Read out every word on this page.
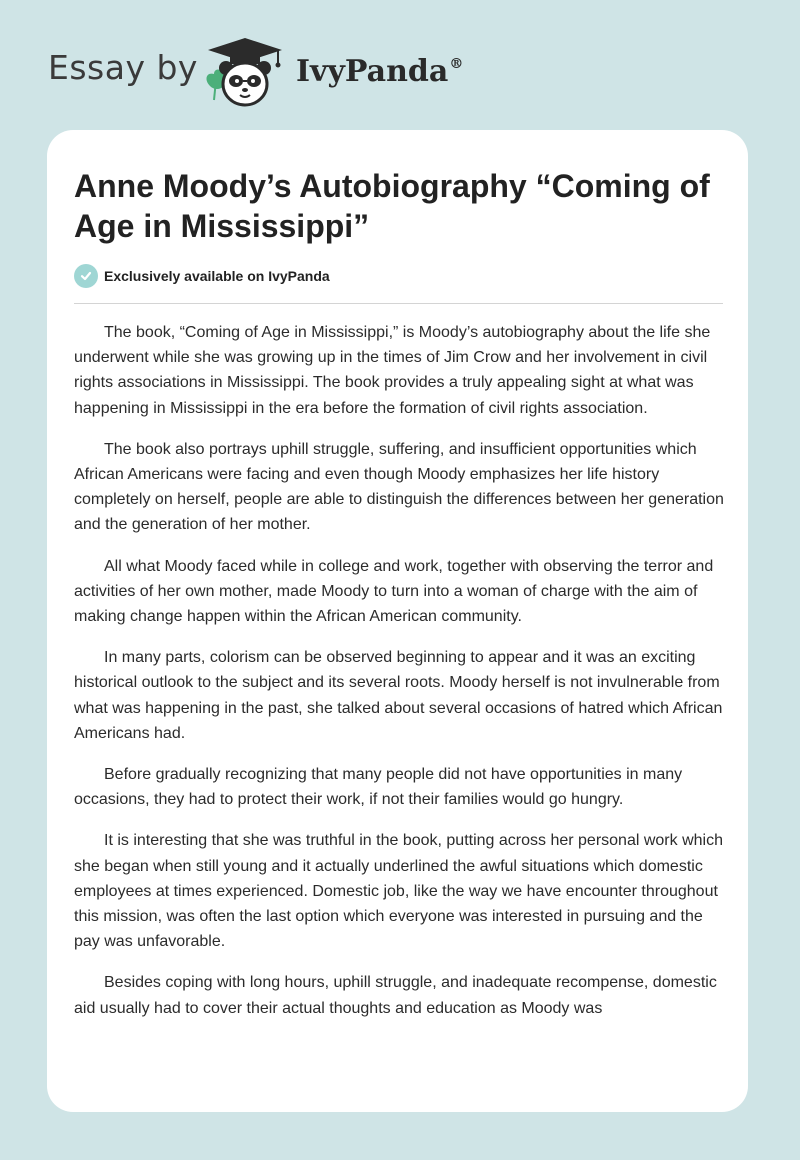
Essay by	IvyPanda®
Anne Moody’s Autobiography “Coming of Age in Mississippi”
Exclusively available on IvyPanda

The book, “Coming of Age in Mississippi,” is Moody’s autobiography about the life she underwent while she was growing up in the times of Jim Crow and her involvement in civil rights associations in Mississippi. The book provides a truly appealing sight at what was happening in Mississippi in the era before the formation of civil rights association.

The book also portrays uphill struggle, suffering, and insufficient opportunities which African Americans were facing and even though Moody emphasizes her life history completely on herself, people are able to distinguish the differences between her generation and the generation of her mother.

All what Moody faced while in college and work, together with observing the terror and activities of her own mother, made Moody to turn into a woman of charge with the aim of making change happen within the African American community.

In many parts, colorism can be observed beginning to appear and it was an exciting historical outlook to the subject and its several roots. Moody herself is not invulnerable from what was happening in the past, she talked about several occasions of hatred which African Americans had.

Before gradually recognizing that many people did not have opportunities in many occasions, they had to protect their work, if not their families would go hungry.

It is interesting that she was truthful in the book, putting across her personal work which she began when still young and it actually underlined the awful situations which domestic employees at times experienced. Domestic job, like the way we have encounter throughout this mission, was often the last option which everyone was interested in pursuing and the pay was unfavorable.

Besides coping with long hours, uphill struggle, and inadequate recompense, domestic aid usually had to cover their actual thoughts and education as Moody was
